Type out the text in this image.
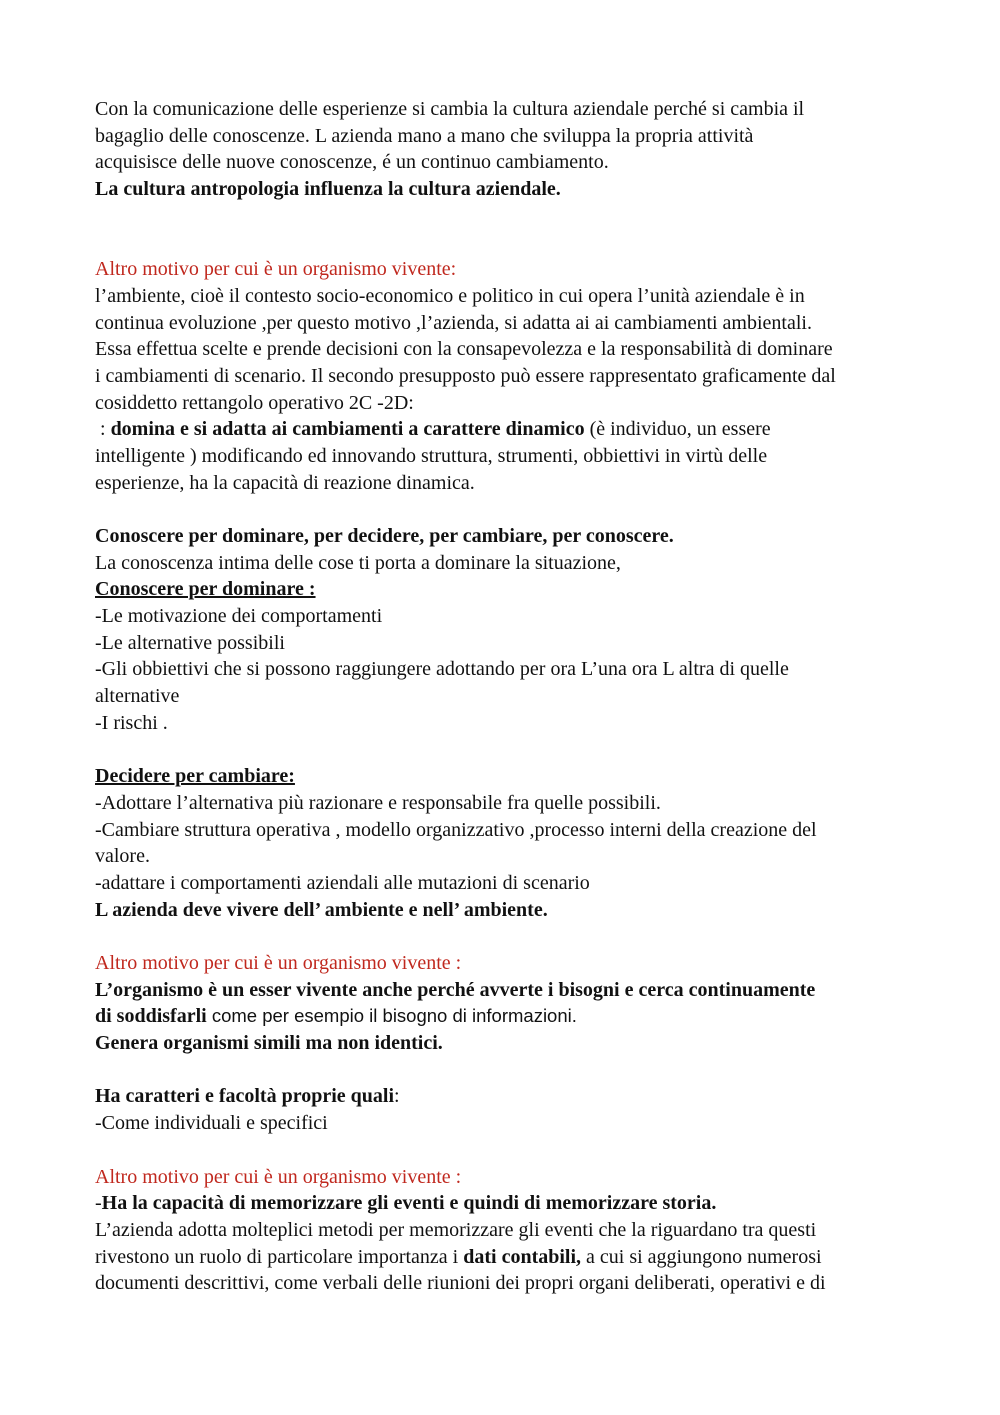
Con la comunicazione delle esperienze si cambia la cultura aziendale perché si cambia il
bagaglio delle conoscenze. L azienda mano a mano che sviluppa la propria attività
acquisisce delle nuove conoscenze, é un continuo cambiamento.
La cultura antropologia influenza la cultura aziendale.
Altro motivo per cui è un organismo vivente:
l’ambiente, cioè il contesto socio-economico e politico in cui opera l’unità aziendale è in
continua evoluzione ,per questo motivo ,l’azienda, si adatta ai ai cambiamenti ambientali.
Essa effettua scelte e prende decisioni con la consapevolezza e la responsabilità di dominare
i cambiamenti di scenario. Il secondo presupposto può essere rappresentato graficamente dal
cosiddetto rettangolo operativo 2C -2D:
: domina e si adatta ai cambiamenti a carattere dinamico (è individuo, un essere
intelligente ) modificando ed innovando struttura, strumenti, obbiettivi in virtù delle
esperienze, ha la capacità di reazione dinamica.
Conoscere per dominare, per decidere, per cambiare, per conoscere.
La conoscenza intima delle cose ti porta a dominare la situazione,
Conoscere per dominare :
-Le motivazione dei comportamenti
-Le alternative possibili
-Gli obbiettivi che si possono raggiungere adottando per ora L’una ora L altra di quelle
alternative
-I rischi .
Decidere per cambiare:
-Adottare l’alternativa più razionare e responsabile fra quelle possibili.
-Cambiare struttura operativa , modello organizzativo ,processo interni della creazione del
valore.
-adattare i comportamenti aziendali alle mutazioni di scenario
L azienda deve vivere dell’ ambiente e nell’ ambiente.
Altro motivo per cui è un organismo vivente :
L’organismo è un esser vivente anche perché avverte i bisogni e cerca continuamente
di soddisfarli come per esempio il bisogno di informazioni.
Genera organismi simili ma non identici.
Ha caratteri e facoltà proprie quali:
-Come individuali e specifici
Altro motivo per cui è un organismo vivente :
-Ha la capacità di memorizzare gli eventi e quindi di memorizzare storia.
L’azienda adotta molteplici metodi per memorizzare gli eventi che la riguardano tra questi
rivestono un ruolo di particolare importanza i dati contabili, a cui si aggiungono numerosi
documenti descrittivi, come verbali delle riunioni dei propri organi deliberati, operativi e di
